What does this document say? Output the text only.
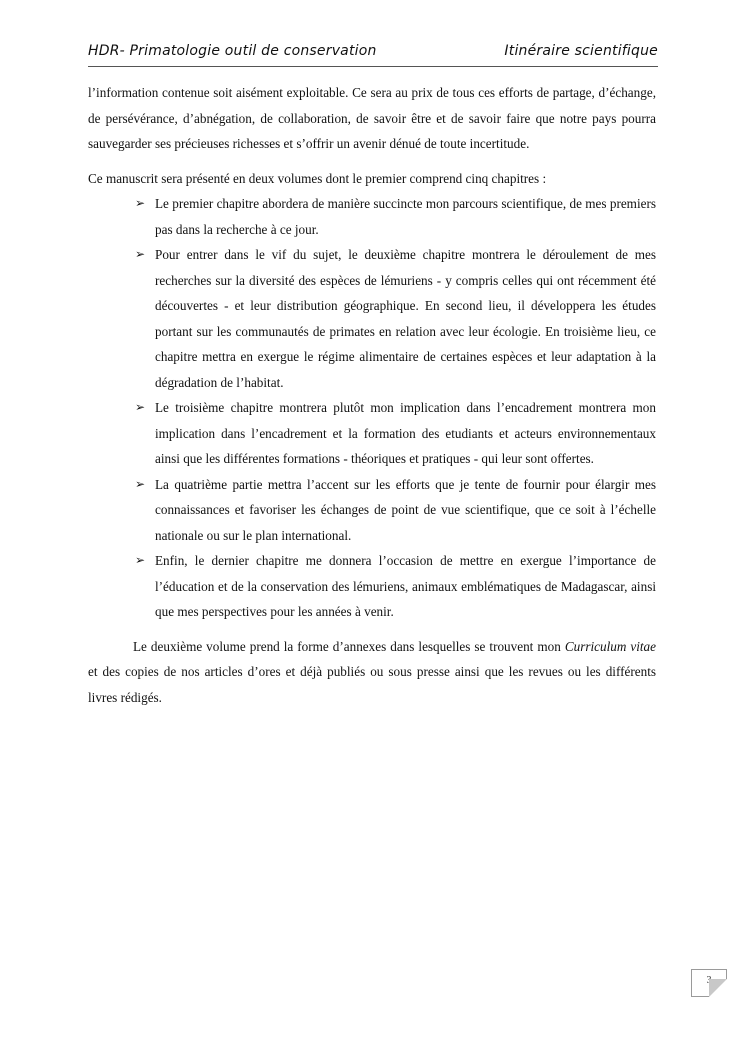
HDR- Primatologie outil de conservation	Itinéraire scientifique

l’information contenue soit aisément exploitable. Ce sera au prix de tous ces efforts de partage, d’échange, de persévérance, d’abnégation, de collaboration, de savoir être et de savoir faire que notre pays pourra sauvegarder ses précieuses richesses et s’offrir un avenir dénué de toute incertitude.

Ce manuscrit sera présenté en deux volumes dont le premier comprend cinq chapitres :

➢ Le premier chapitre abordera de manière succincte mon parcours scientifique, de mes premiers pas dans la recherche à ce jour.
➢ Pour entrer dans le vif du sujet, le deuxième chapitre montrera le déroulement de mes recherches sur la diversité des espèces de lémuriens - y compris celles qui ont récemment été découvertes - et leur distribution géographique. En second lieu, il développera les études portant sur les communautés de primates en relation avec leur écologie. En troisième lieu, ce chapitre mettra en exergue le régime alimentaire de certaines espèces et leur adaptation à la dégradation de l’habitat.
➢ Le troisième chapitre montrera plutôt mon implication dans l’encadrement montrera mon implication dans l’encadrement et la formation des etudiants et acteurs environnementaux ainsi que les différentes formations - théoriques et pratiques - qui leur sont offertes.
➢ La quatrième partie mettra l’accent sur les efforts que je tente de fournir pour élargir mes connaissances et favoriser les échanges de point de vue scientifique, que ce soit à l’échelle nationale ou sur le plan international.
➢ Enfin, le dernier chapitre me donnera l’occasion de mettre en exergue l’importance de l’éducation et de la conservation des lémuriens, animaux emblématiques de Madagascar, ainsi que mes perspectives pour les années à venir.

Le deuxième volume prend la forme d’annexes dans lesquelles se trouvent mon Curriculum vitae et des copies de nos articles d’ores et déjà publiés ou sous presse ainsi que les revues ou les différents livres rédigés.

3
